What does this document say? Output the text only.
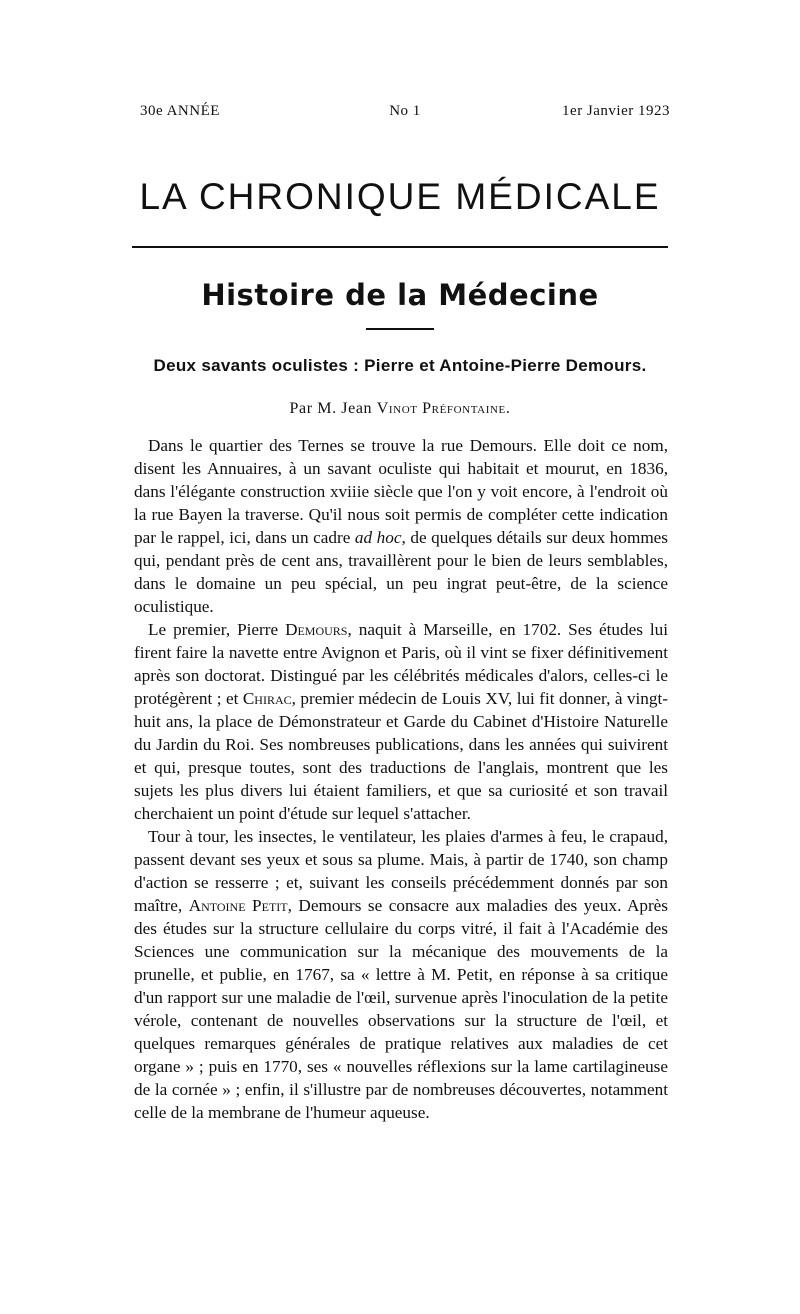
30e ANNÉE	No 1	1er Janvier 1923
LA CHRONIQUE MÉDICALE
Histoire de la Médecine
Deux savants oculistes : Pierre et Antoine-Pierre Demours.
Par M. Jean Vinot Préfontaine.

Dans le quartier des Ternes se trouve la rue Demours. Elle doit ce nom, disent les Annuaires, à un savant oculiste qui habitait et mourut, en 1836, dans l'élégante construction xviiie siècle que l'on y voit encore, à l'endroit où la rue Bayen la traverse. Qu'il nous soit permis de compléter cette indication par le rappel, ici, dans un cadre ad hoc, de quelques détails sur deux hommes qui, pendant près de cent ans, travaillèrent pour le bien de leurs semblables, dans le domaine un peu spécial, un peu ingrat peut-être, de la science oculistique.

Le premier, Pierre Demours, naquit à Marseille, en 1702. Ses études lui firent faire la navette entre Avignon et Paris, où il vint se fixer définitivement après son doctorat. Distingué par les célébrités médicales d'alors, celles-ci le protégèrent ; et Chirac, premier médecin de Louis XV, lui fit donner, à vingt-huit ans, la place de Démonstrateur et Garde du Cabinet d'Histoire Naturelle du Jardin du Roi. Ses nombreuses publications, dans les années qui suivirent et qui, presque toutes, sont des traductions de l'anglais, montrent que les sujets les plus divers lui étaient familiers, et que sa curiosité et son travail cherchaient un point d'étude sur lequel s'attacher.

Tour à tour, les insectes, le ventilateur, les plaies d'armes à feu, le crapaud, passent devant ses yeux et sous sa plume. Mais, à partir de 1740, son champ d'action se resserre ; et, suivant les conseils précédemment donnés par son maître, Antoine Petit, Demours se consacre aux maladies des yeux. Après des études sur la structure cellulaire du corps vitré, il fait à l'Académie des Sciences une communication sur la mécanique des mouvements de la prunelle, et publie, en 1767, sa « lettre à M. Petit, en réponse à sa critique d'un rapport sur une maladie de l'œil, survenue après l'inoculation de la petite vérole, contenant de nouvelles observations sur la structure de l'œil, et quelques remarques générales de pratique relatives aux maladies de cet organe » ; puis en 1770, ses « nouvelles réflexions sur la lame cartilagineuse de la cornée » ; enfin, il s'illustre par de nombreuses découvertes, notamment celle de la membrane de l'humeur aqueuse.
